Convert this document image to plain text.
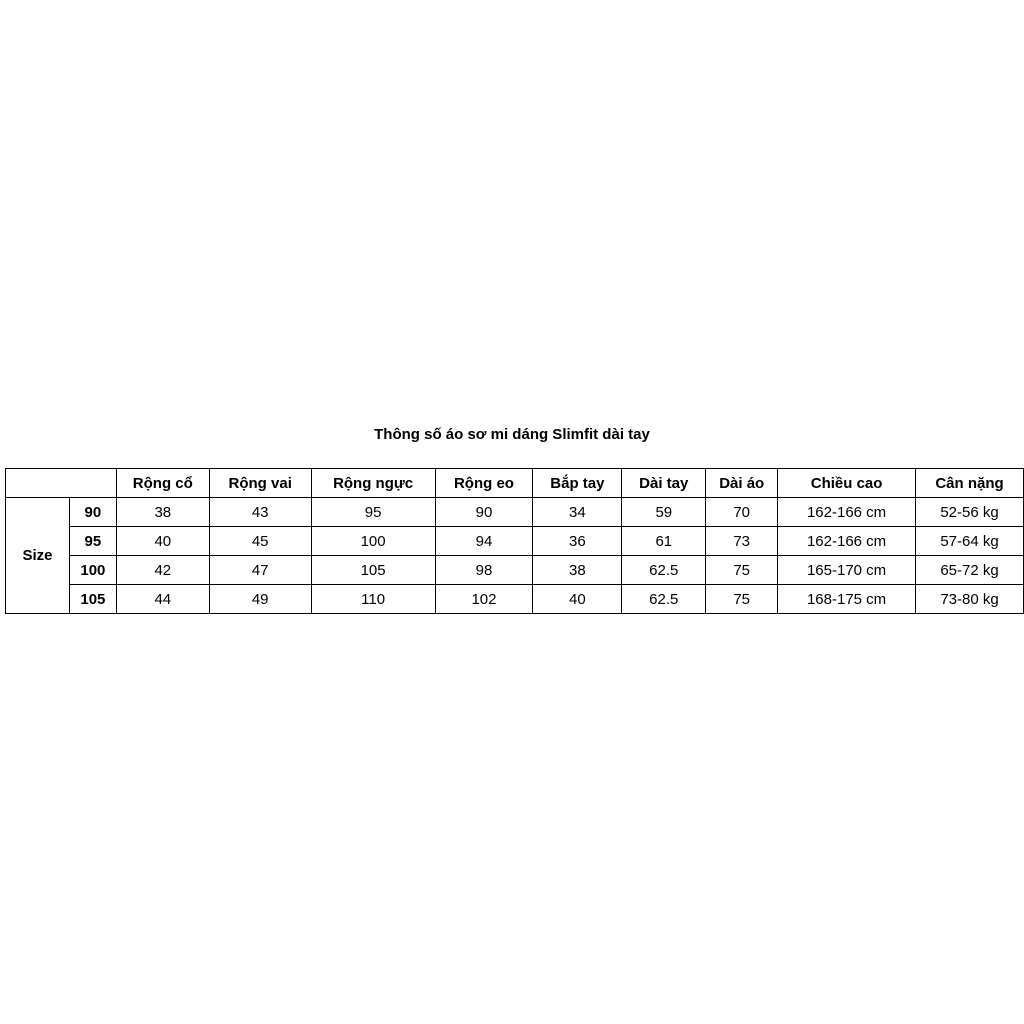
Thông số áo sơ mi dáng Slimfit dài tay
		Rộng cổ	Rộng vai	Rộng ngực	Rộng eo	Bắp tay	Dài tay	Dài áo	Chiều cao	Cân nặng
Size	90	38	43	95	90	34	59	70	162-166 cm	52-56 kg
	95	40	45	100	94	36	61	73	162-166 cm	57-64 kg
	100	42	47	105	98	38	62.5	75	165-170 cm	65-72 kg
	105	44	49	110	102	40	62.5	75	168-175 cm	73-80 kg
